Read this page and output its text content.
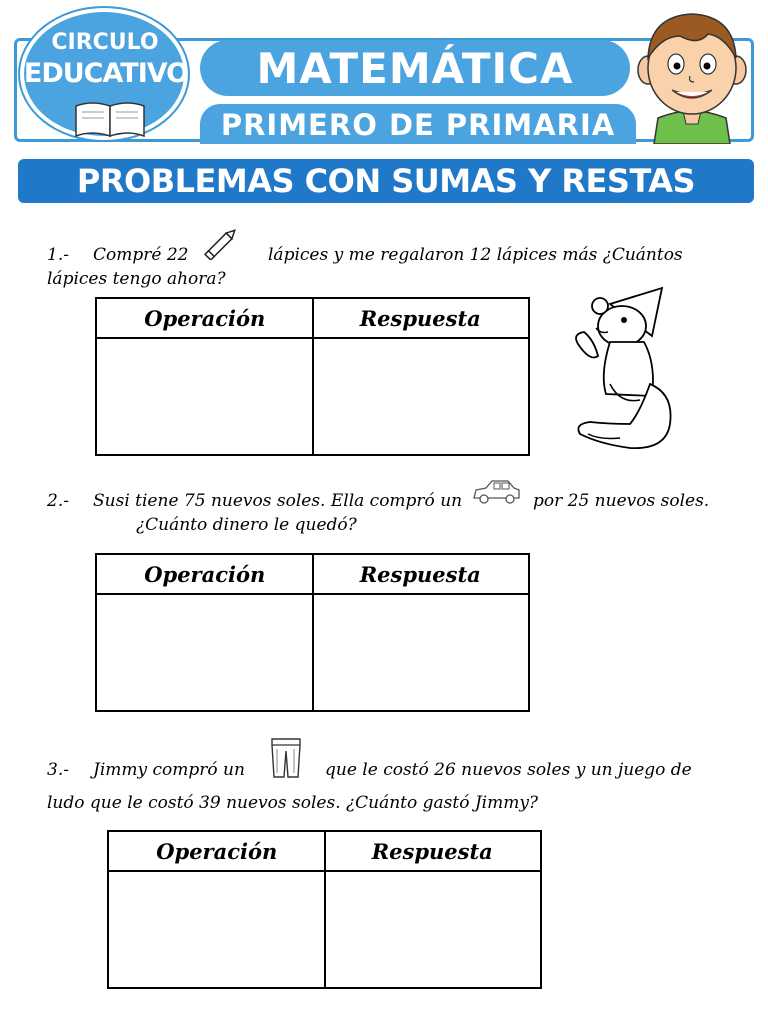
MATEMÁTICA
PRIMERO DE PRIMARIA
CIRCULO
EDUCATIVO
PROBLEMAS CON SUMAS Y RESTAS
1.- Compré 22	lápices y me regalaron 12 lápices más ¿Cuántos
lápices tengo ahora?
Operación	Respuesta
2.- Susi tiene 75 nuevos soles. Ella compró un	por 25 nuevos soles.
¿Cuánto dinero le quedó?
Operación	Respuesta
3.- Jimmy compró un	que le costó 26 nuevos soles y un juego de
ludo que le costó 39 nuevos soles. ¿Cuánto gastó Jimmy?
Operación	Respuesta
